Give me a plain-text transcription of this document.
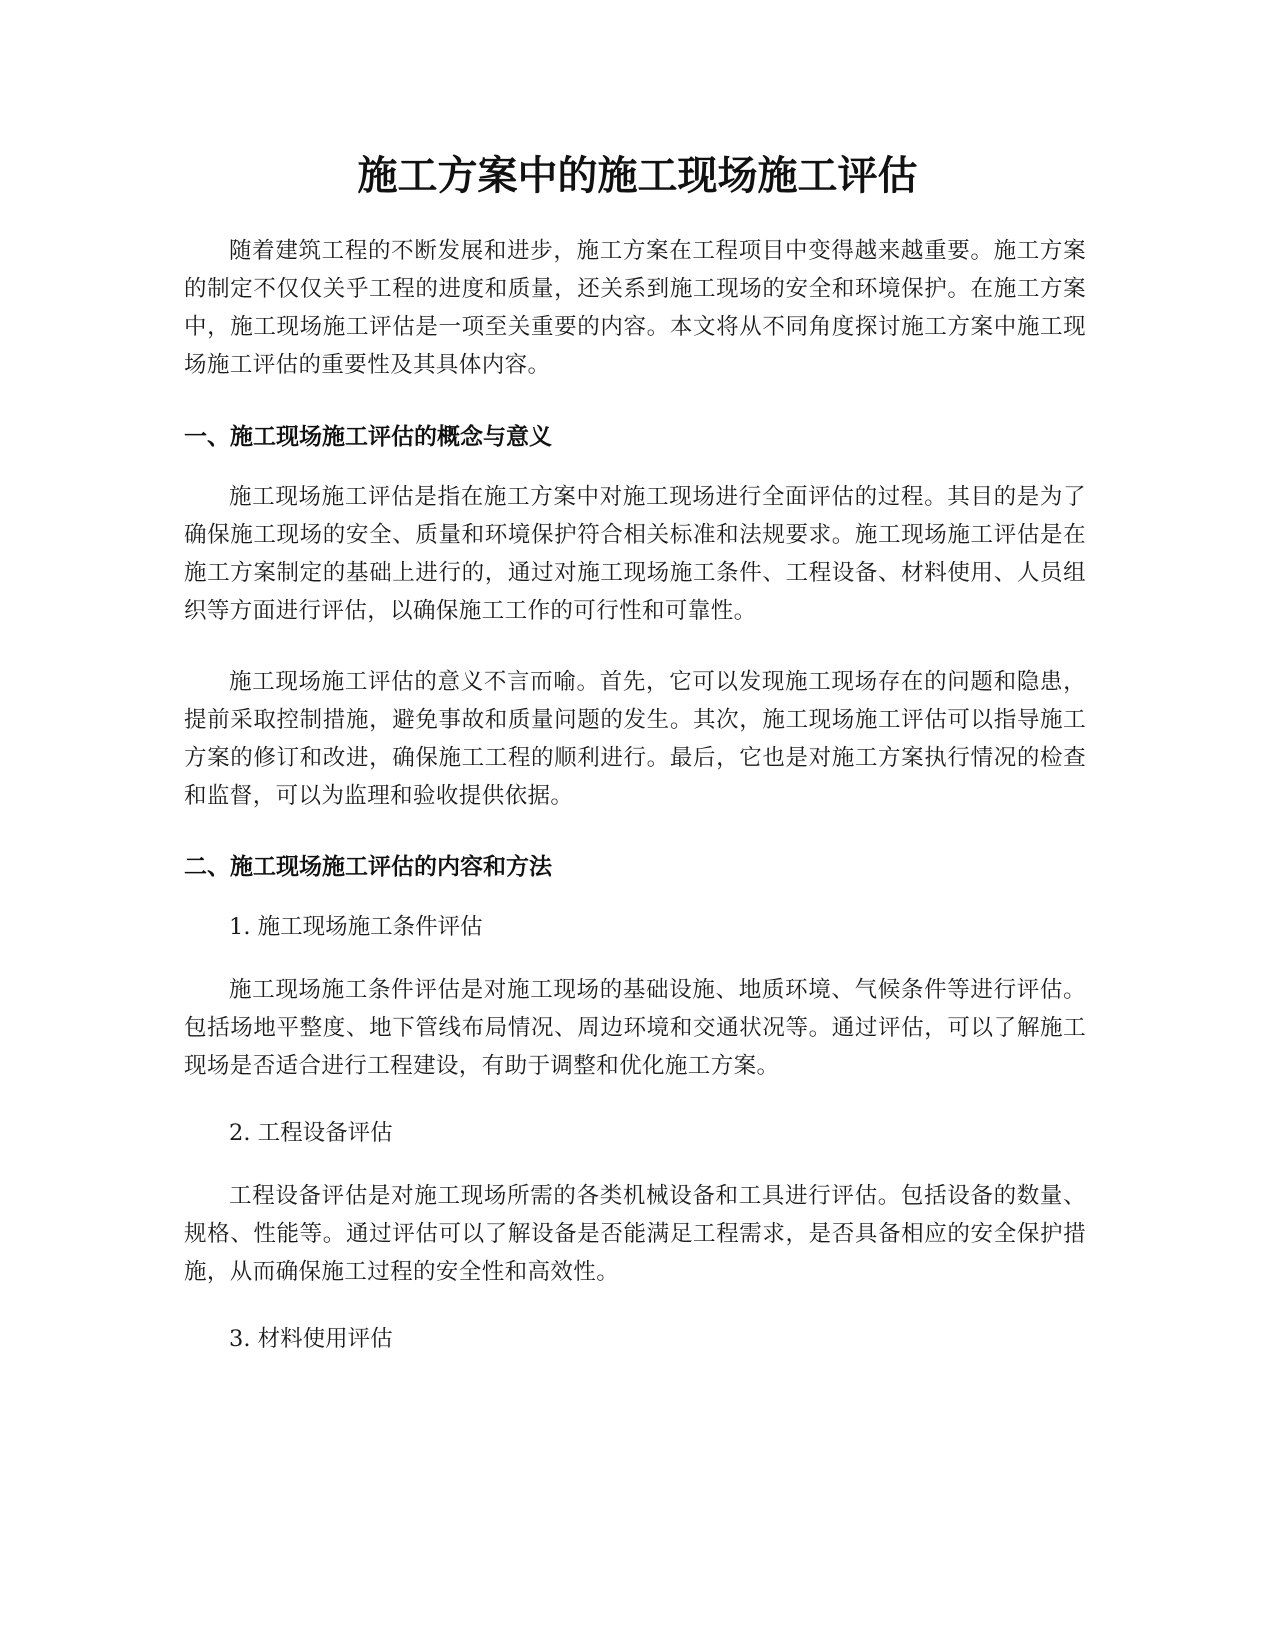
施工方案中的施工现场施工评估

随着建筑工程的不断发展和进步，施工方案在工程项目中变得越来越重要。施工方案的制定不仅仅关乎工程的进度和质量，还关系到施工现场的安全和环境保护。在施工方案中，施工现场施工评估是一项至关重要的内容。本文将从不同角度探讨施工方案中施工现场施工评估的重要性及其具体内容。

一、施工现场施工评估的概念与意义

施工现场施工评估是指在施工方案中对施工现场进行全面评估的过程。其目的是为了确保施工现场的安全、质量和环境保护符合相关标准和法规要求。施工现场施工评估是在施工方案制定的基础上进行的，通过对施工现场施工条件、工程设备、材料使用、人员组织等方面进行评估，以确保施工工作的可行性和可靠性。

施工现场施工评估的意义不言而喻。首先，它可以发现施工现场存在的问题和隐患，提前采取控制措施，避免事故和质量问题的发生。其次，施工现场施工评估可以指导施工方案的修订和改进，确保施工工程的顺利进行。最后，它也是对施工方案执行情况的检查和监督，可以为监理和验收提供依据。

二、施工现场施工评估的内容和方法

1. 施工现场施工条件评估

施工现场施工条件评估是对施工现场的基础设施、地质环境、气候条件等进行评估。包括场地平整度、地下管线布局情况、周边环境和交通状况等。通过评估，可以了解施工现场是否适合进行工程建设，有助于调整和优化施工方案。

2. 工程设备评估

工程设备评估是对施工现场所需的各类机械设备和工具进行评估。包括设备的数量、规格、性能等。通过评估可以了解设备是否能满足工程需求，是否具备相应的安全保护措施，从而确保施工过程的安全性和高效性。

3. 材料使用评估
